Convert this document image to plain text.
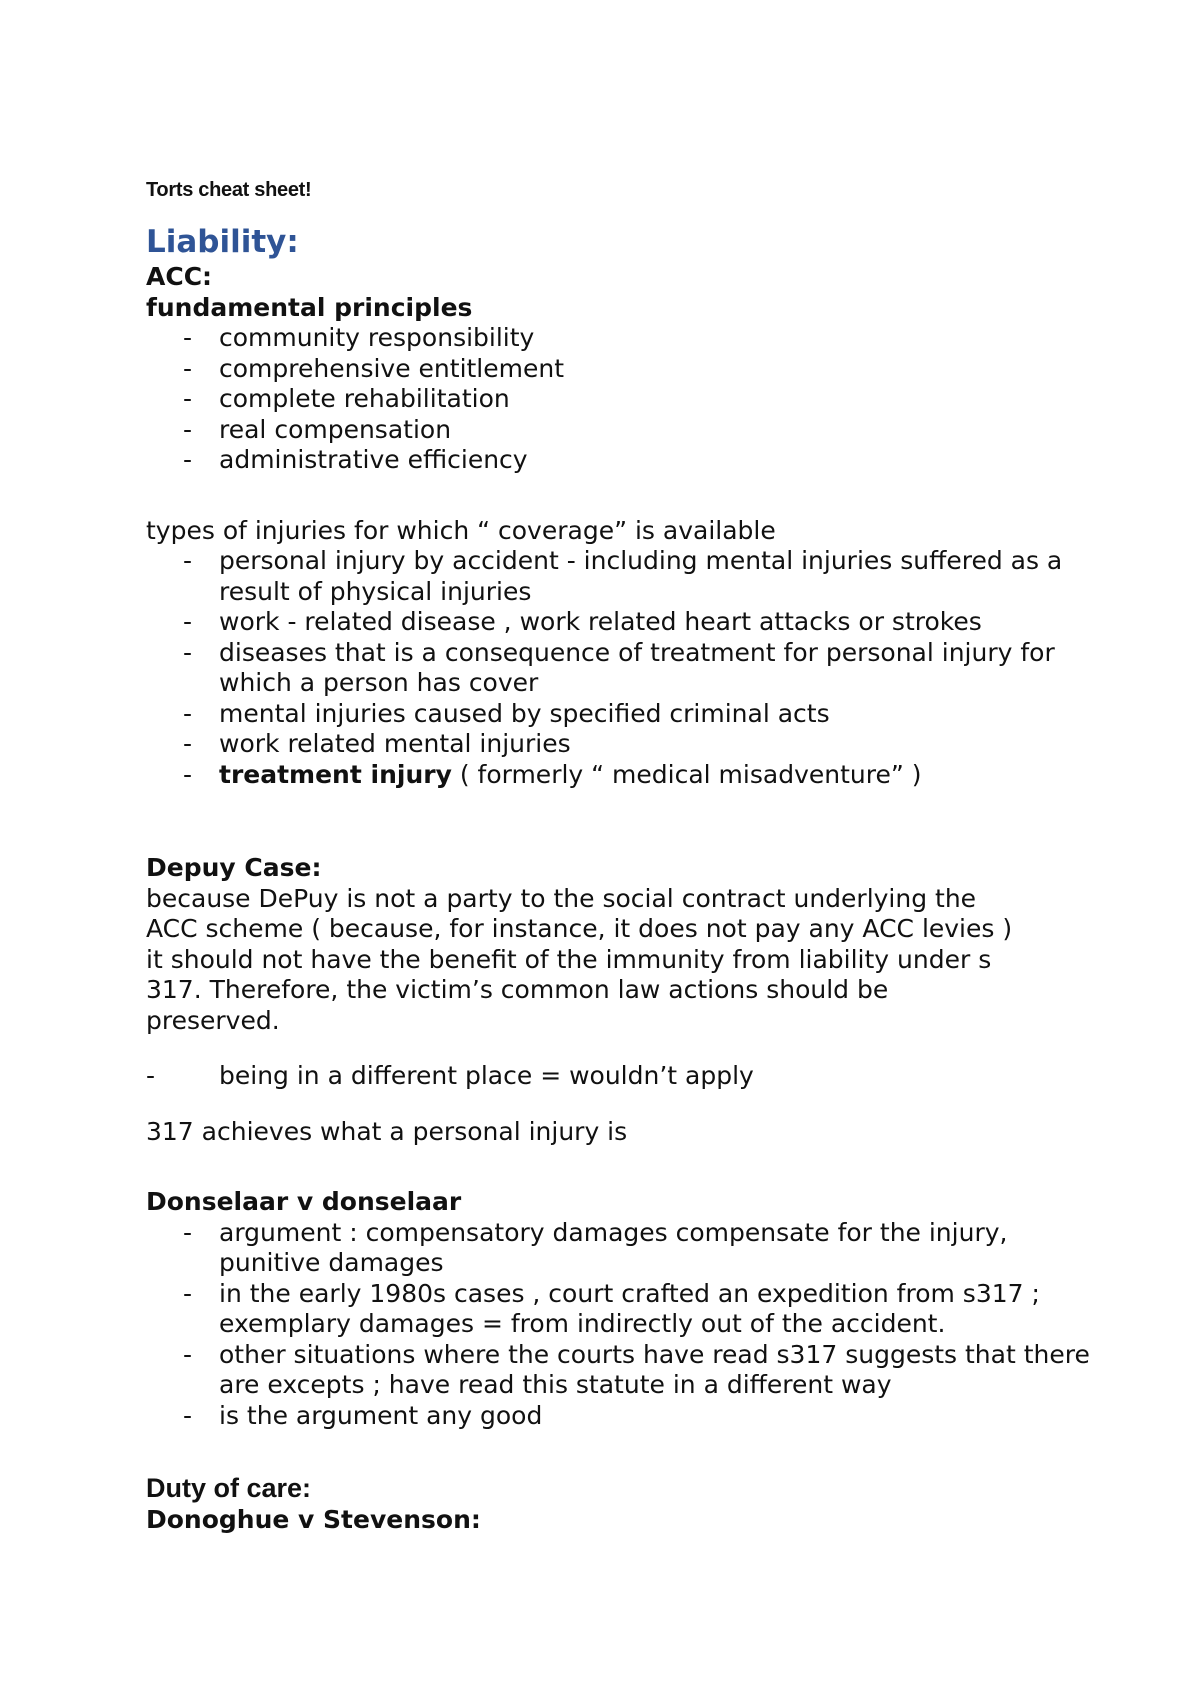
Torts cheat sheet!

Liability:

ACC:

fundamental principles

- community responsibility
- comprehensive entitlement
- complete rehabilitation
- real compensation
- administrative efficiency

types of injuries for which “ coverage” is available

- personal injury by accident - including mental injuries suffered as a result of physical injuries
- work - related disease , work related heart attacks or strokes
- diseases that is a consequence of treatment for personal injury for which a person has cover
- mental injuries caused by specified criminal acts
- work related mental injuries
- treatment injury ( formerly “ medical misadventure” )

Depuy Case:

because DePuy is not a party to the social contract underlying the

ACC scheme ( because, for instance, it does not pay any ACC levies )

it should not have the benefit of the immunity from liability under s

317. Therefore, the victim’s common law actions should be

preserved.

-	being in a different place = wouldn’t apply

317 achieves what a personal injury is

Donselaar v donselaar

- argument : compensatory damages compensate for the injury, punitive damages
- in the early 1980s cases , court crafted an expedition from s317 ; exemplary damages = from indirectly out of the accident.
- other situations where the courts have read s317 suggests that there are excepts ; have read this statute in a different way
- is the argument any good

Duty of care:

Donoghue v Stevenson:
